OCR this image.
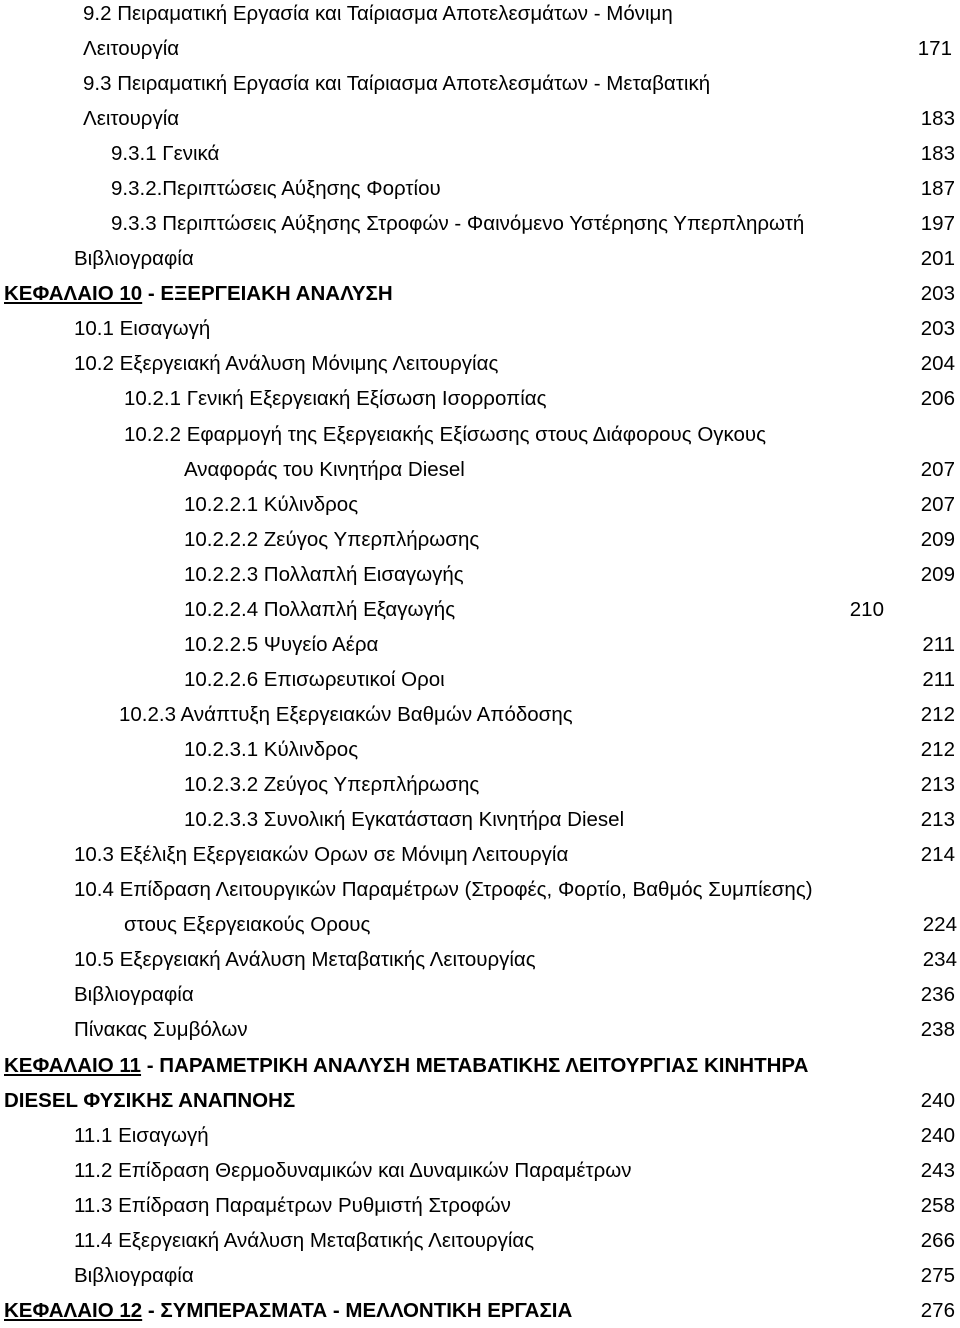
9.2 Πειραματική Εργασία και Ταίριασμα Αποτελεσμάτων - Μόνιμη
Λειτουργία	171
9.3 Πειραματική Εργασία και Ταίριασμα Αποτελεσμάτων - Μεταβατική
Λειτουργία	183
9.3.1 Γενικά	183
9.3.2.Περιπτώσεις Αύξησης Φορτίου	187
9.3.3 Περιπτώσεις Αύξησης Στροφών - Φαινόμενο Υστέρησης Υπερπληρωτή	197
Βιβλιογραφία	201
ΚΕΦΑΛΑΙΟ 10 - ΕΞΕΡΓΕΙΑΚΗ ΑΝΑΛΥΣΗ	203
10.1 Εισαγωγή	203
10.2 Εξεργειακή Ανάλυση Μόνιμης Λειτουργίας	204
10.2.1 Γενική Εξεργειακή Εξίσωση Ισορροπίας	206
10.2.2 Εφαρμογή της Εξεργειακής Εξίσωσης στους Διάφορους Ογκους
Αναφοράς του Κινητήρα Diesel	207
10.2.2.1 Κύλινδρος	207
10.2.2.2 Ζεύγος Υπερπλήρωσης	209
10.2.2.3 Πολλαπλή Εισαγωγής	209
10.2.2.4 Πολλαπλή Εξαγωγής	210
10.2.2.5 Ψυγείο Αέρα	211
10.2.2.6 Επισωρευτικοί Οροι	211
10.2.3 Ανάπτυξη Εξεργειακών Βαθμών Απόδοσης	212
10.2.3.1 Κύλινδρος	212
10.2.3.2 Ζεύγος Υπερπλήρωσης	213
10.2.3.3 Συνολική Εγκατάσταση Κινητήρα Diesel	213
10.3 Εξέλιξη Εξεργειακών Ορων σε Μόνιμη Λειτουργία	214
10.4 Επίδραση Λειτουργικών Παραμέτρων (Στροφές, Φορτίο, Βαθμός Συμπίεσης)
στους Εξεργειακούς Ορους	224
10.5 Εξεργειακή Ανάλυση Μεταβατικής Λειτουργίας	234
Βιβλιογραφία	236
Πίνακας Συμβόλων	238
ΚΕΦΑΛΑΙΟ 11 - ΠΑΡΑΜΕΤΡΙΚΗ ΑΝΑΛΥΣΗ ΜΕΤΑΒΑΤΙΚΗΣ ΛΕΙΤΟΥΡΓΙΑΣ ΚΙΝΗΤΗΡΑ
DIESEL ΦΥΣΙΚΗΣ ΑΝΑΠΝΟΗΣ	240
11.1 Εισαγωγή	240
11.2 Επίδραση Θερμοδυναμικών και Δυναμικών Παραμέτρων	243
11.3 Επίδραση Παραμέτρων Ρυθμιστή Στροφών	258
11.4 Εξεργειακή Ανάλυση Μεταβατικής Λειτουργίας	266
Βιβλιογραφία	275
ΚΕΦΑΛΑΙΟ 12 - ΣΥΜΠΕΡΑΣΜΑΤΑ - ΜΕΛΛΟΝΤΙΚΗ ΕΡΓΑΣΙΑ	276
